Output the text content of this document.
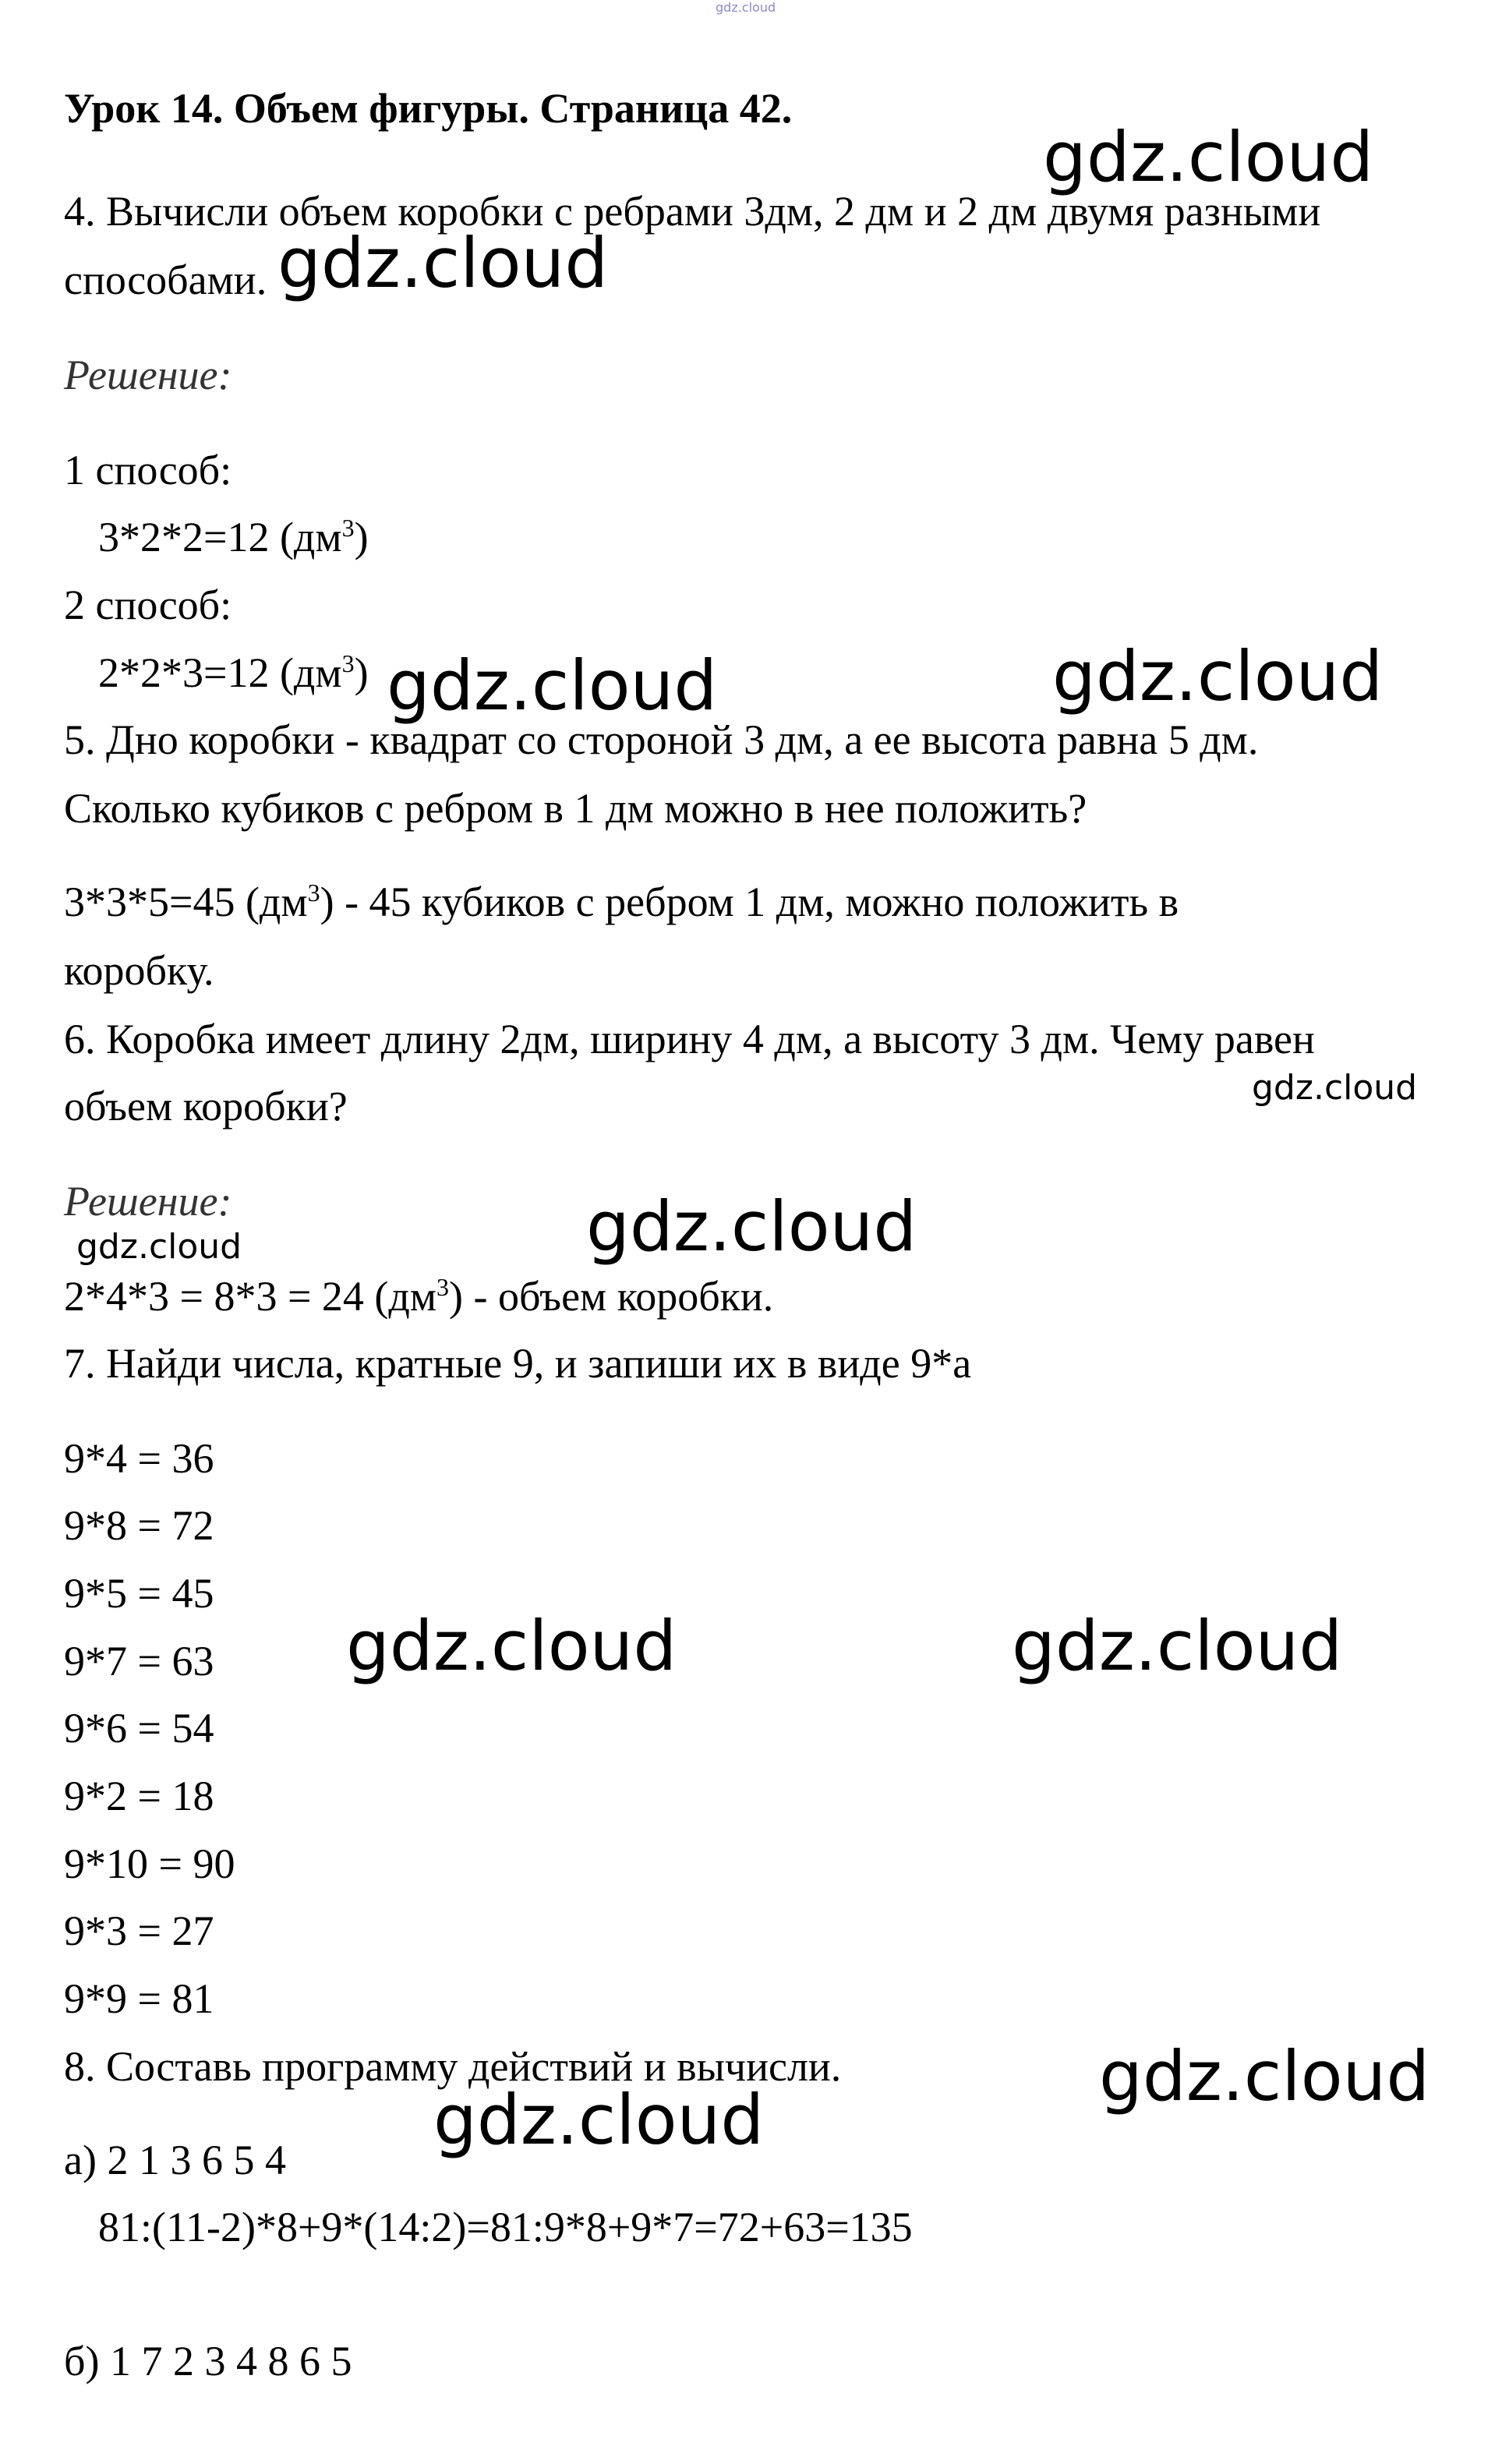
gdz.cloud
Урок 14. Объем фигуры. Страница 42.
4. Вычисли объем коробки с ребрами 3дм, 2 дм и 2 дм двумя разными
способами.
Решение:
1 способ:
3*2*2=12 $(дм^3)$
2 способ:
2*2*3=12 $(дм^3)$
5. Дно коробки - квадрат со стороной 3 дм, а ее высота равна 5 дм.
Сколько кубиков с ребром в 1 дм можно в нее положить?
3*3*5=45 $(дм^3) - 45$ кубиков с ребром 1 дм, можно положить в
коробку.
6. Коробка имеет длину 2дм, ширину 4 дм, а высоту 3 дм. Чему равен
объем коробки?
Решение:
2*4*3 = 8*3 = 24 $(дм^3)$ - объем коробки.
7. Найди числа, кратные 9, и запиши их в виде 9*a
9*4 = 36
9*8 = 72
9*5 = 45
9*7 = 63
9*6 = 54
9*2 = 18
9*10 = 90
9*3 = 27
9*9 = 81
8. Составь программу действий и вычисли.
а) 2 1 3 6 5 4
81:(11-2)*8+9*(14:2)=81:9*8+9*7=72+63=135
б) 1 7 2 3 4 8 6 5
gdz.cloud
gdz.cloud
gdz.cloud	gdz.cloud
gdz.cloud
gdz.cloud	gdz.cloud
gdz.cloud	gdz.cloud
gdz.cloud
gdz.cloud
